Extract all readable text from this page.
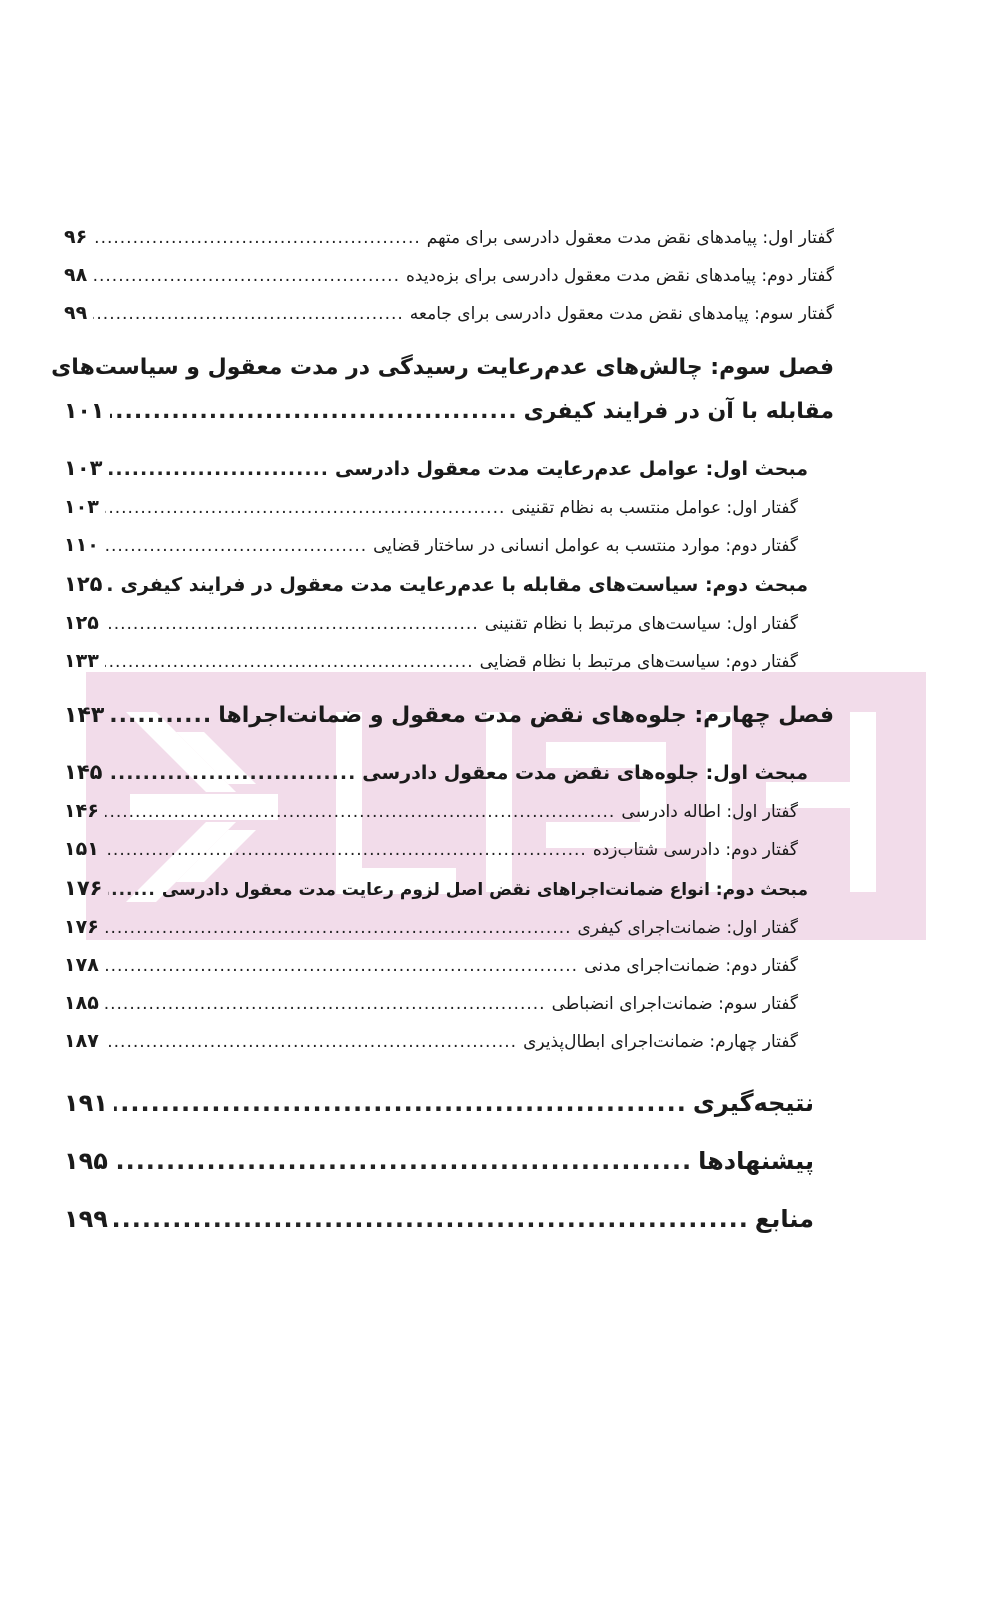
گفتار اول: پیامدهای نقض مدت معقول دادرسی برای متهم
.....
۹۶
گفتار دوم: پیامدهای نقض مدت معقول دادرسی برای بزه‌دیده
.....
۹۸
گفتار سوم: پیامدهای نقض مدت معقول دادرسی برای جامعه
.....
۹۹
فصل سوم: چالش‌های عدم‌رعایت رسیدگی در مدت معقول و سیاست‌های
مقابله با آن در فرایند کیفری
.....
۱۰۱
مبحث اول: عوامل عدم‌رعایت مدت معقول دادرسی
.....
۱۰۳
گفتار اول: عوامل منتسب به نظام تقنینی
.....
۱۰۳
گفتار دوم: موارد منتسب به عوامل انسانی در ساختار قضایی
.....
۱۱۰
مبحث دوم: سیاست‌های مقابله با عدم‌رعایت مدت معقول در فرایند کیفری
.....
۱۲۵
گفتار اول: سیاست‌های مرتبط با نظام تقنینی
.....
۱۲۵
گفتار دوم: سیاست‌های مرتبط با نظام قضایی
.....
۱۳۳
فصل چهارم: جلوه‌های نقض مدت معقول و ضمانت‌اجراها
.....
۱۴۳
مبحث اول: جلوه‌های نقض مدت معقول دادرسی
.....
۱۴۵
گفتار اول: اطاله دادرسی
.....
۱۴۶
گفتار دوم: دادرسی شتاب‌زده
.....
۱۵۱
مبحث دوم: انواع ضمانت‌اجراهای نقض اصل لزوم رعایت مدت معقول دادرسی
.....
۱۷۶
گفتار اول: ضمانت‌اجرای کیفری
.....
۱۷۶
گفتار دوم: ضمانت‌اجرای مدنی
.....
۱۷۸
گفتار سوم: ضمانت‌اجرای انضباطی
.....
۱۸۵
گفتار چهارم: ضمانت‌اجرای ابطال‌پذیری
.....
۱۸۷
نتیجه‌گیری
.....
۱۹۱
پیشنهادها
.....
۱۹۵
منابع
.....
۱۹۹
